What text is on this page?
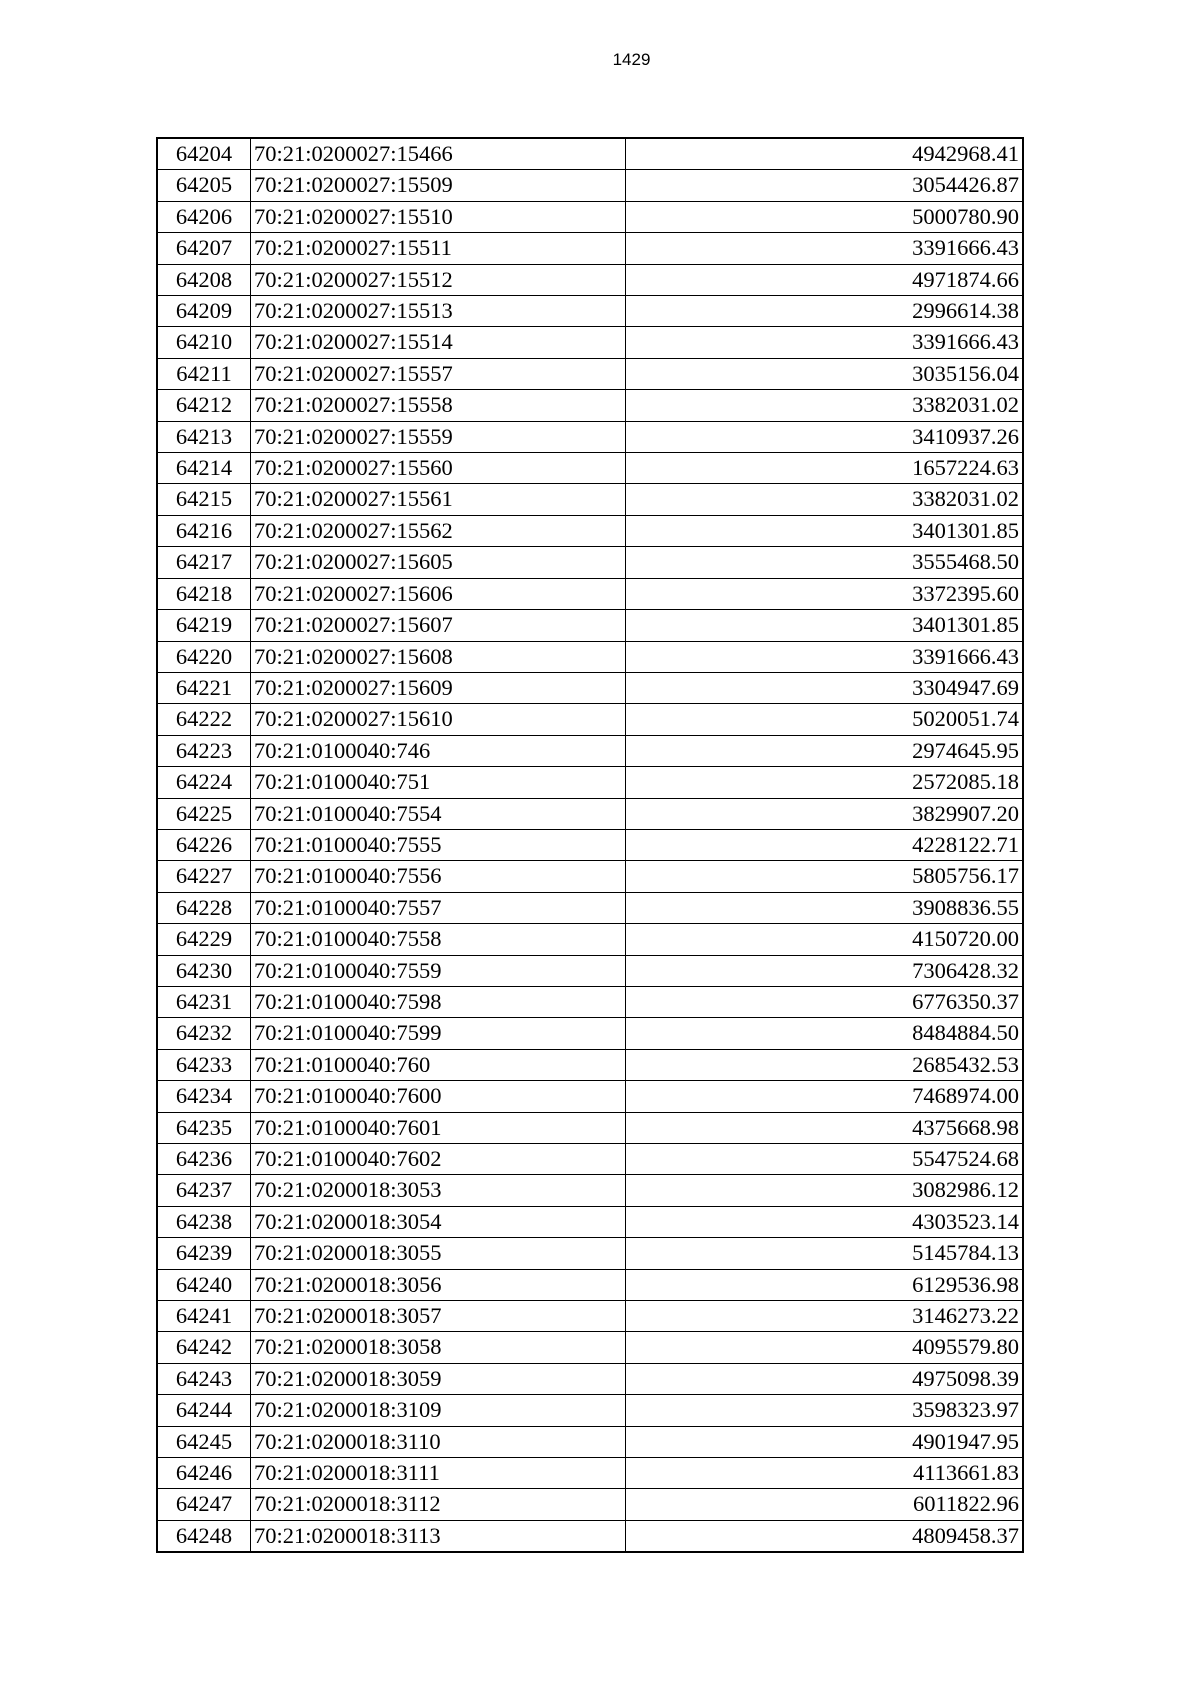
1429
64204	70:21:0200027:15466	4942968.41
64205	70:21:0200027:15509	3054426.87
64206	70:21:0200027:15510	5000780.90
64207	70:21:0200027:15511	3391666.43
64208	70:21:0200027:15512	4971874.66
64209	70:21:0200027:15513	2996614.38
64210	70:21:0200027:15514	3391666.43
64211	70:21:0200027:15557	3035156.04
64212	70:21:0200027:15558	3382031.02
64213	70:21:0200027:15559	3410937.26
64214	70:21:0200027:15560	1657224.63
64215	70:21:0200027:15561	3382031.02
64216	70:21:0200027:15562	3401301.85
64217	70:21:0200027:15605	3555468.50
64218	70:21:0200027:15606	3372395.60
64219	70:21:0200027:15607	3401301.85
64220	70:21:0200027:15608	3391666.43
64221	70:21:0200027:15609	3304947.69
64222	70:21:0200027:15610	5020051.74
64223	70:21:0100040:746	2974645.95
64224	70:21:0100040:751	2572085.18
64225	70:21:0100040:7554	3829907.20
64226	70:21:0100040:7555	4228122.71
64227	70:21:0100040:7556	5805756.17
64228	70:21:0100040:7557	3908836.55
64229	70:21:0100040:7558	4150720.00
64230	70:21:0100040:7559	7306428.32
64231	70:21:0100040:7598	6776350.37
64232	70:21:0100040:7599	8484884.50
64233	70:21:0100040:760	2685432.53
64234	70:21:0100040:7600	7468974.00
64235	70:21:0100040:7601	4375668.98
64236	70:21:0100040:7602	5547524.68
64237	70:21:0200018:3053	3082986.12
64238	70:21:0200018:3054	4303523.14
64239	70:21:0200018:3055	5145784.13
64240	70:21:0200018:3056	6129536.98
64241	70:21:0200018:3057	3146273.22
64242	70:21:0200018:3058	4095579.80
64243	70:21:0200018:3059	4975098.39
64244	70:21:0200018:3109	3598323.97
64245	70:21:0200018:3110	4901947.95
64246	70:21:0200018:3111	4113661.83
64247	70:21:0200018:3112	6011822.96
64248	70:21:0200018:3113	4809458.37
